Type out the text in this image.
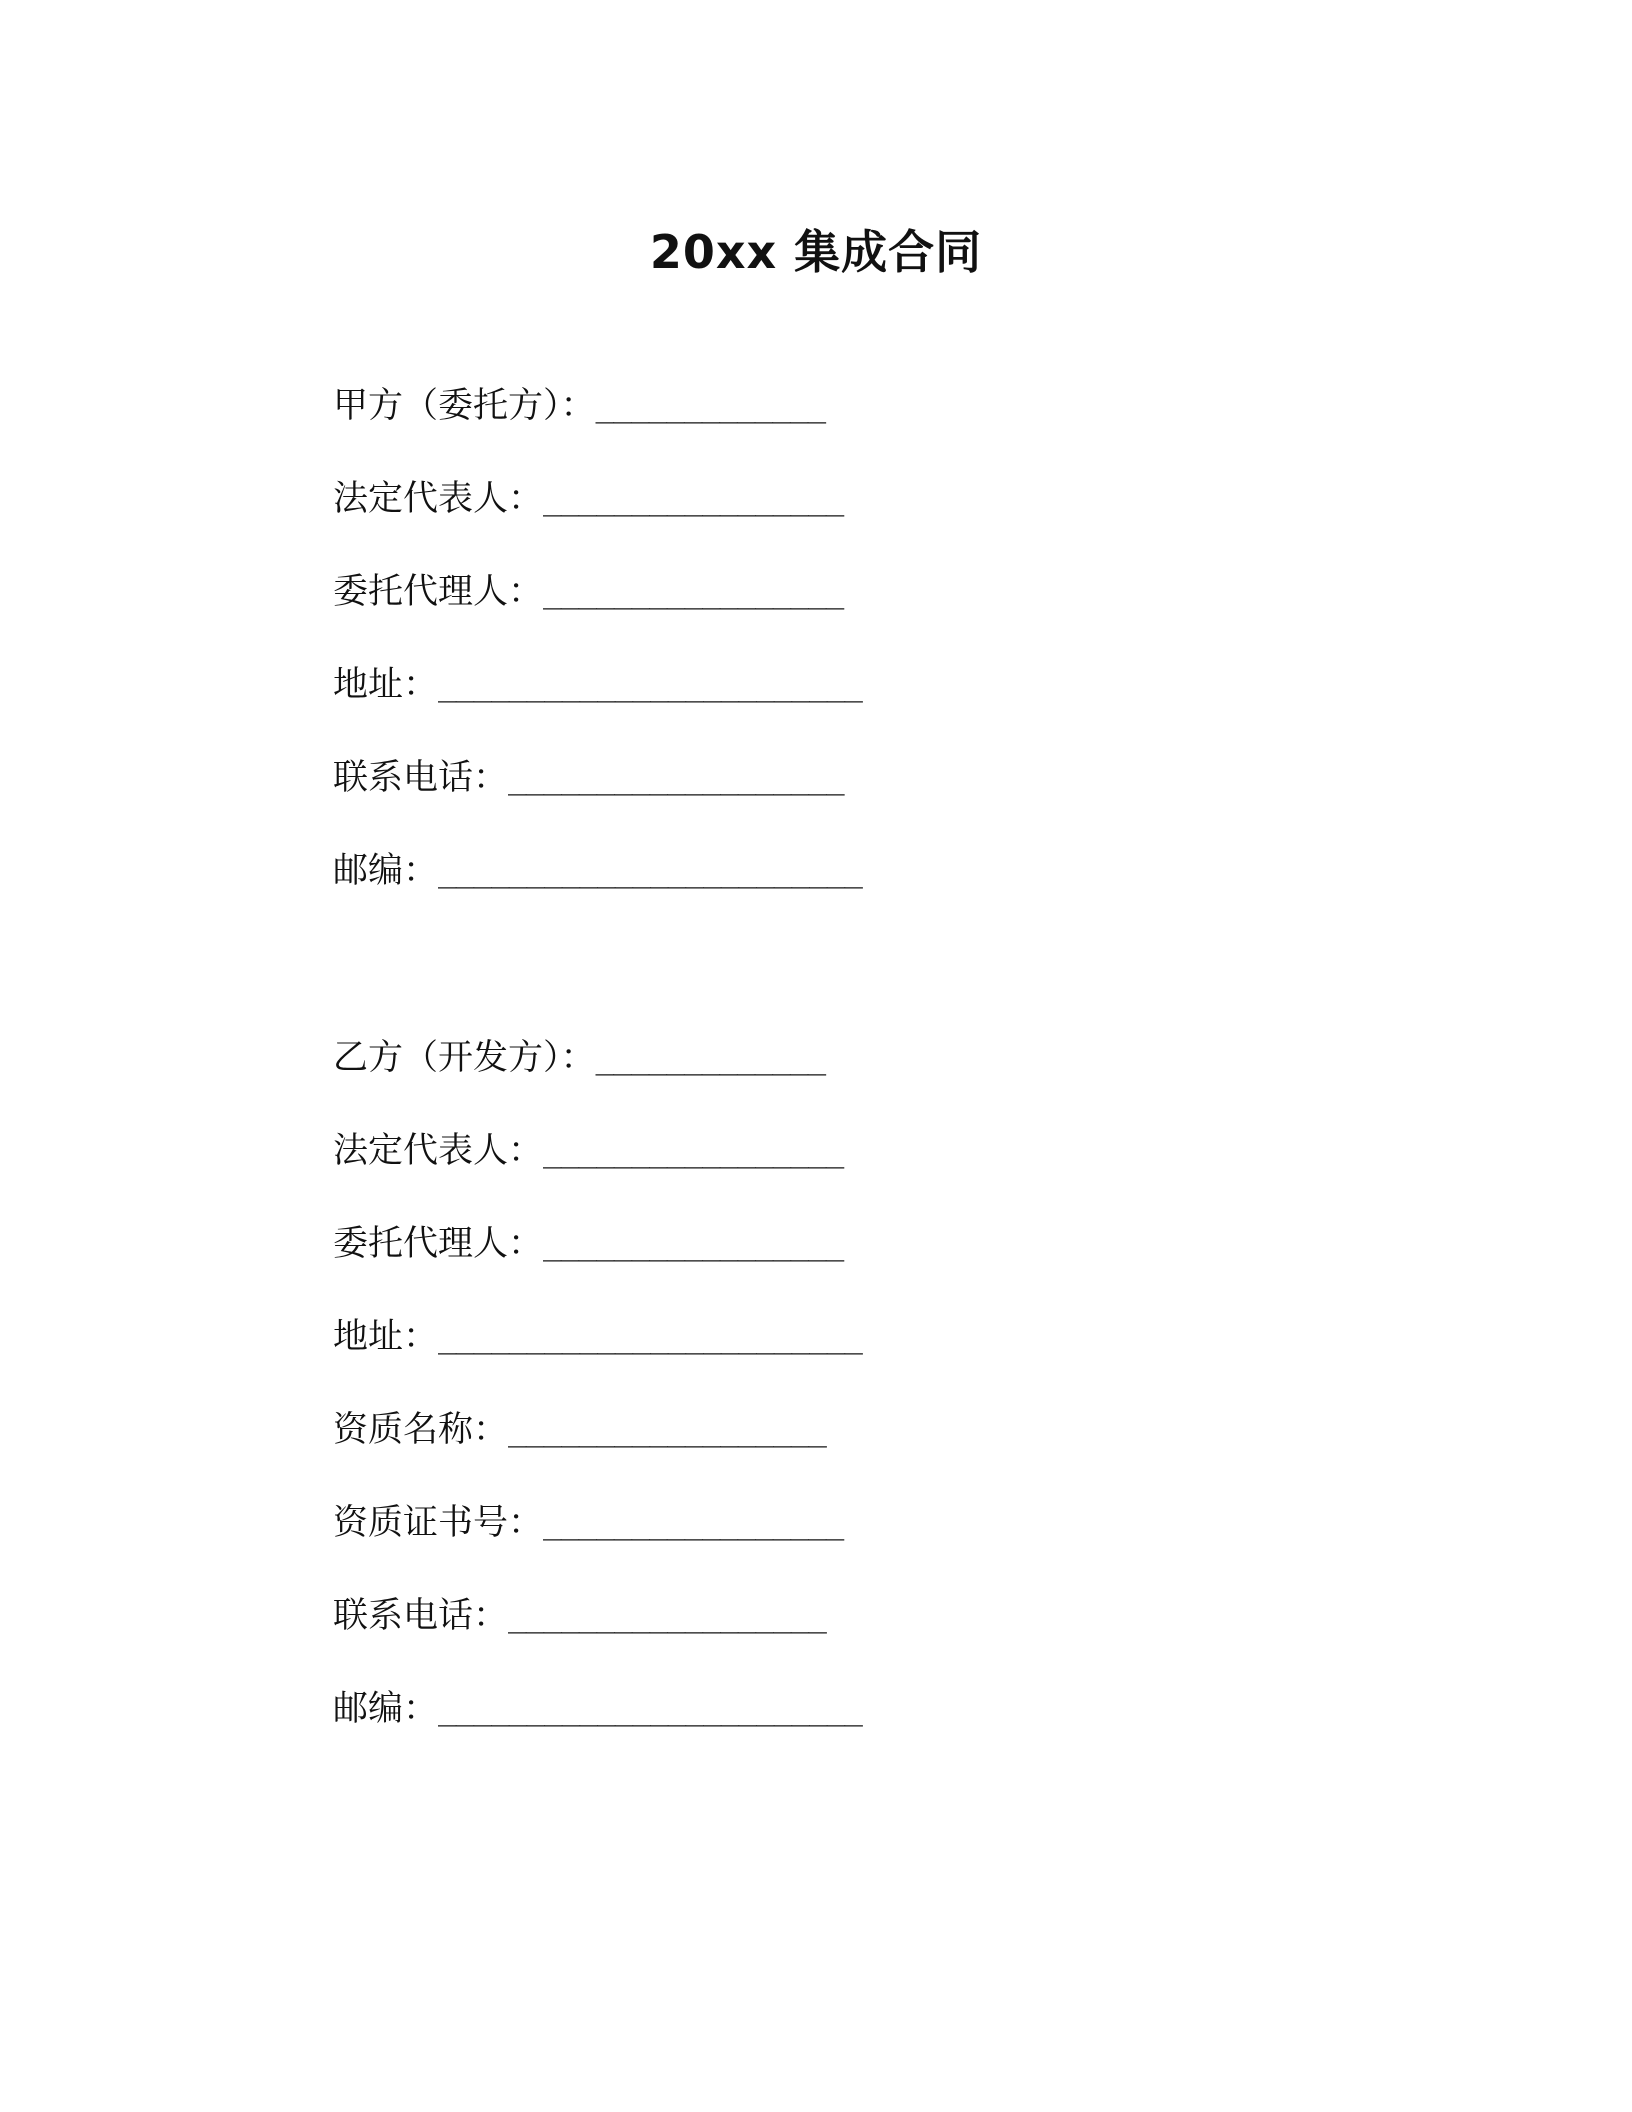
20xx 集成合同
甲方（委托方）： _____________
法定代表人： _________________
委托代理人： _________________
地址： ________________________
联系电话： ___________________
邮编： ________________________
乙方（开发方）： _____________
法定代表人： _________________
委托代理人： _________________
地址： ________________________
资质名称： __________________
资质证书号： _________________
联系电话： __________________
邮编： ________________________
